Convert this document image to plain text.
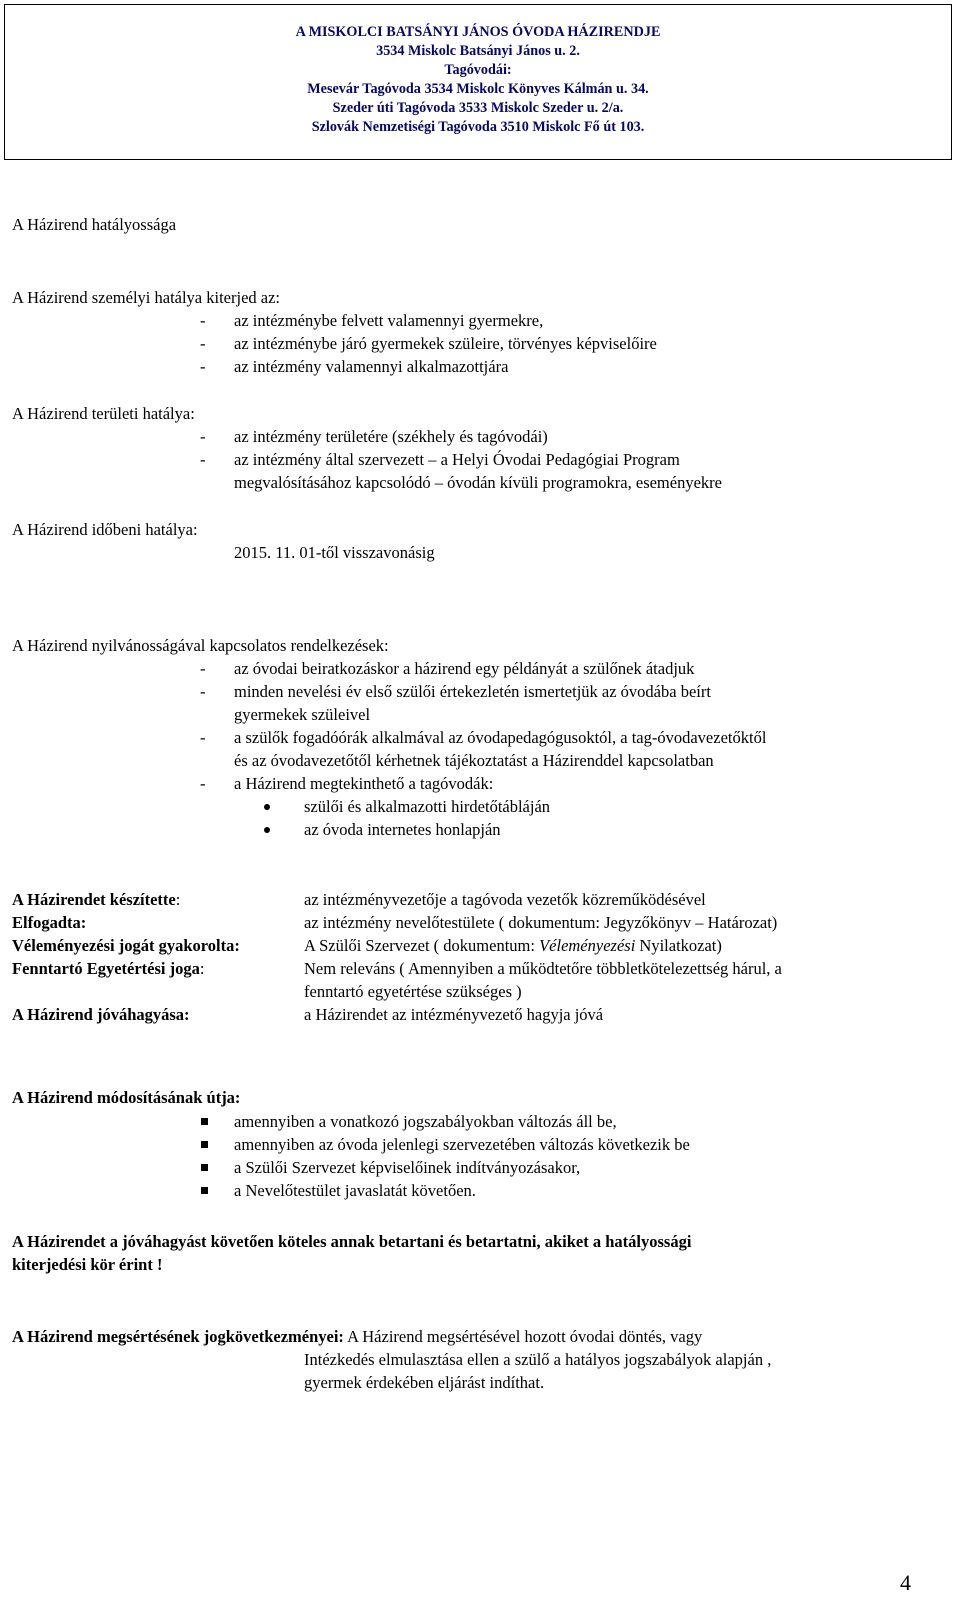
A MISKOLCI BATSÁNYI JÁNOS ÓVODA HÁZIRENDJE
3534 Miskolc Batsányi János u. 2.
Tagóvodái:
Mesevár Tagóvoda 3534 Miskolc Könyves Kálmán u. 34.
Szeder úti Tagóvoda 3533 Miskolc Szeder u. 2/a.
Szlovák Nemzetiségi Tagóvoda 3510 Miskolc Fő út 103.
A Házirend hatályossága
A Házirend személyi hatálya kiterjed az:
- az intézménybe felvett valamennyi gyermekre,
- az intézménybe járó gyermekek szüleire, törvényes képviselőire
- az intézmény valamennyi alkalmazottjára
A Házirend területi hatálya:
- az intézmény területére (székhely és tagóvodái)
- az intézmény által szervezett – a Helyi Óvodai Pedagógiai Program
megvalósításához kapcsolódó – óvodán kívüli programokra, eseményekre
A Házirend időbeni hatálya:
2015. 11. 01-től visszavonásig
A Házirend nyilvánosságával kapcsolatos rendelkezések:
- az óvodai beiratkozáskor a házirend egy példányát a szülőnek átadjuk
- minden nevelési év első szülői értekezletén ismertetjük az óvodába beírt
gyermekek szüleivel
- a szülők fogadóórák alkalmával az óvodapedagógusoktól, a tag-óvodavezetőktől
és az óvodavezetőtől kérhetnek tájékoztatást a Házirenddel kapcsolatban
- a Házirend megtekinthető a tagóvodák:
szülői és alkalmazotti hirdetőtábláján
az óvoda internetes honlapján
A Házirendet készítette:	az intézményvezetője a tagóvoda vezetők közreműködésével
Elfogadta:	az intézmény nevelőtestülete ( dokumentum: Jegyzőkönyv – Határozat)
Véleményezési jogát gyakorolta:	A Szülői Szervezet ( dokumentum: Véleményezési Nyilatkozat)
Fenntartó Egyetértési joga:	Nem releváns ( Amennyiben a működtetőre többletkötelezettség hárul, a
fenntartó egyetértése szükséges )
A Házirend jóváhagyása:	a Házirendet az intézményvezető hagyja jóvá
A Házirend módosításának útja:
amennyiben a vonatkozó jogszabályokban változás áll be,
amennyiben az óvoda jelenlegi szervezetében változás következik be
a Szülői Szervezet képviselőinek indítványozásakor,
a Nevelőtestület javaslatát követően.
A Házirendet a jóváhagyást követően köteles annak betartani és betartatni, akiket a hatályossági
kiterjedési kör érint !
A Házirend megsértésének jogkövetkezményei: A Házirend megsértésével hozott óvodai döntés, vagy
Intézkedés elmulasztása ellen a szülő a hatályos jogszabályok alapján ,
gyermek érdekében eljárást indíthat.
4
